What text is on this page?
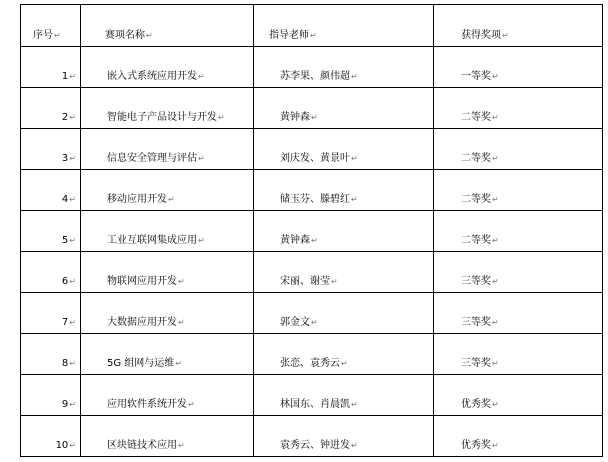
序号↵	赛项名称↵	指导老师↵	获得奖项↵
1↵	嵌入式系统应用开发↵	苏李果、颜伟超↵	一等奖↵
2↵	智能电子产品设计与开发↵	黄钟森↵	二等奖↵
3↵	信息安全管理与评估↵	刘庆发、黄景叶↵	二等奖↵
4↵	移动应用开发↵	储玉芬、滕碧红↵	二等奖↵
5↵	工业互联网集成应用↵	黄钟森↵	二等奖↵
6↵	物联网应用开发↵	宋丽、谢莹↵	三等奖↵
7↵	大数据应用开发↵	郭金文↵	三等奖↵
8↵	5G 组网与运维↵	张恋、袁秀云↵	三等奖↵
9↵	应用软件系统开发↵	林国东、肖晨凯↵	优秀奖↵
10↵	区块链技术应用↵	袁秀云、钟进发↵	优秀奖↵
